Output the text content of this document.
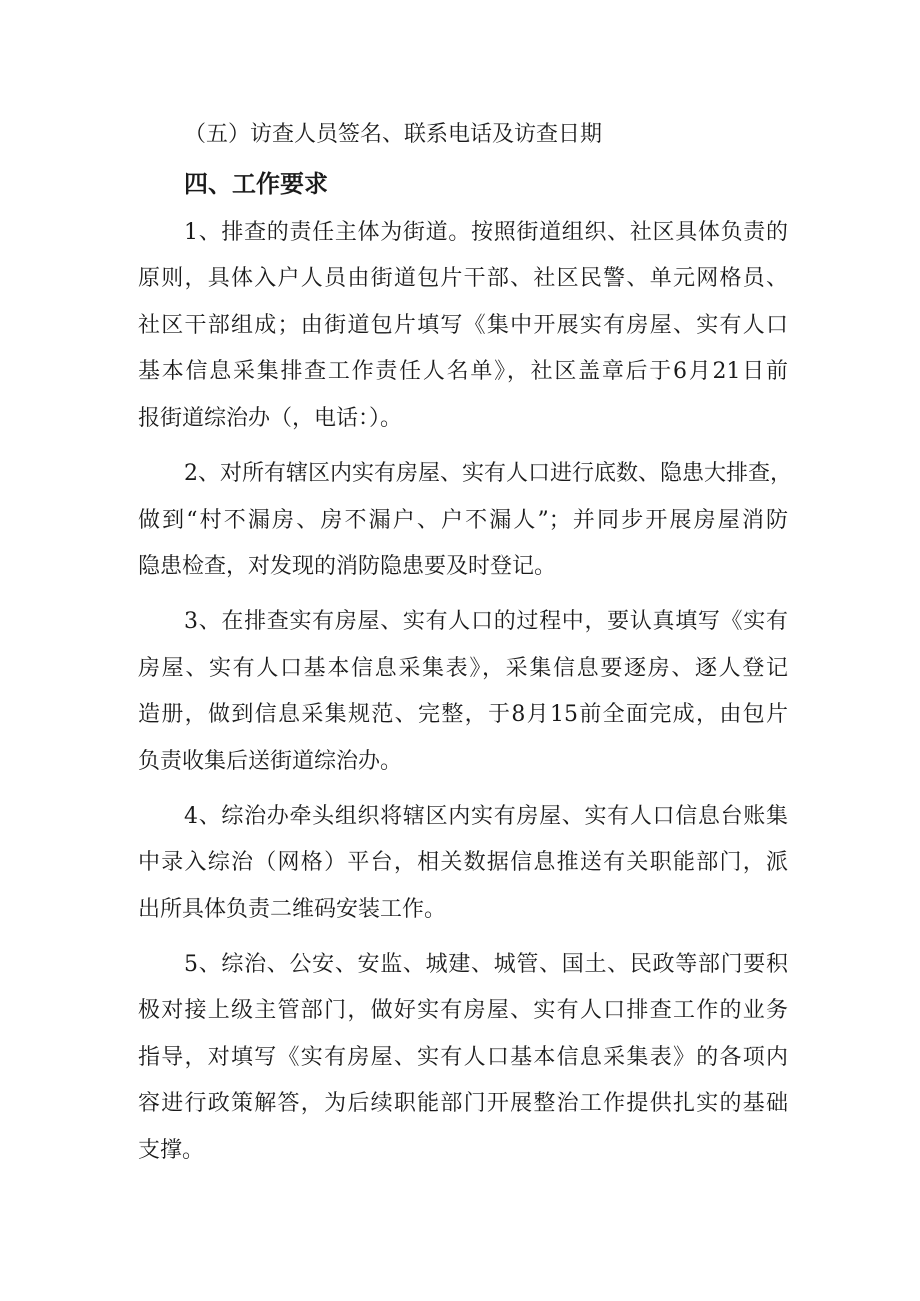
（五）访查人员签名、联系电话及访查日期
四、工作要求
1、排查的责任主体为街道。按照街道组织、社区具体负责的
原则，具体入户人员由街道包片干部、社区民警、单元网格员、
社区干部组成；由街道包片填写《集中开展实有房屋、实有人口
基本信息采集排查工作责任人名单》，社区盖章后于6月21日前
报街道综治办（，电话：）。
2、对所有辖区内实有房屋、实有人口进行底数、隐患大排查，
做到“村不漏房、房不漏户、户不漏人”；并同步开展房屋消防
隐患检查，对发现的消防隐患要及时登记。
3、在排查实有房屋、实有人口的过程中，要认真填写《实有
房屋、实有人口基本信息采集表》，采集信息要逐房、逐人登记
造册，做到信息采集规范、完整，于8月15前全面完成，由包片
负责收集后送街道综治办。
4、综治办牵头组织将辖区内实有房屋、实有人口信息台账集
中录入综治（网格）平台，相关数据信息推送有关职能部门，派
出所具体负责二维码安装工作。
5、综治、公安、安监、城建、城管、国土、民政等部门要积
极对接上级主管部门，做好实有房屋、实有人口排查工作的业务
指导，对填写《实有房屋、实有人口基本信息采集表》的各项内
容进行政策解答，为后续职能部门开展整治工作提供扎实的基础
支撑。
